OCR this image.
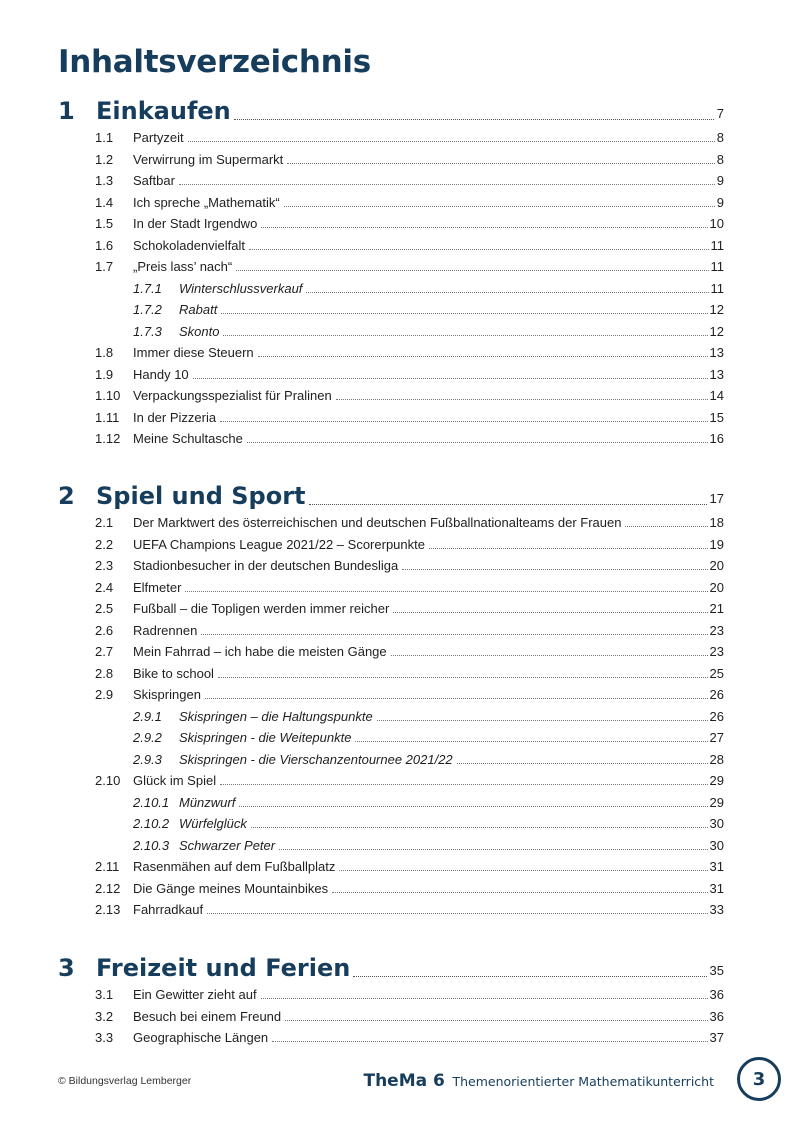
Inhaltsverzeichnis
1 Einkaufen	7
1.1	Partyzeit	8
1.2	Verwirrung im Supermarkt	8
1.3	Saftbar	9
1.4	Ich spreche „Mathematik“	9
1.5	In der Stadt Irgendwo	10
1.6	Schokoladenvielfalt	11
1.7	„Preis lass’ nach“	11
1.7.1	Winterschlussverkauf	11
1.7.2	Rabatt	12
1.7.3	Skonto	12
1.8	Immer diese Steuern	13
1.9	Handy 10	13
1.10 Verpackungsspezialist für Pralinen	14
1.11	In der Pizzeria	15
1.12 Meine Schultasche	16
2 Spiel und Sport	17
2.1	Der Marktwert des österreichischen und deutschen Fußballnationalteams der Frauen	18
2.2	UEFA Champions League 2021/22 – Scorerpunkte	19
2.3	Stadionbesucher in der deutschen Bundesliga	20
2.4	Elfmeter	20
2.5	Fußball – die Topligen werden immer reicher	21
2.6	Radrennen	23
2.7	Mein Fahrrad – ich habe die meisten Gänge	23
2.8	Bike to school	25
2.9	Skispringen	26
2.9.1	Skispringen – die Haltungspunkte	26
2.9.2	Skispringen - die Weitepunkte	27
2.9.3	Skispringen - die Vierschanzentournee 2021/22	28
2.10 Glück im Spiel	29
2.10.1 Münzwurf	29
2.10.2 Würfelglück	30
2.10.3 Schwarzer Peter	30
2.11	Rasenmähen auf dem Fußballplatz	31
2.12 Die Gänge meines Mountainbikes	31
2.13 Fahrradkauf	33
3 Freizeit und Ferien	35
3.1	Ein Gewitter zieht auf	36
3.2	Besuch bei einem Freund	36
3.3	Geographische Längen	37
© Bildungsverlag Lemberger	TheMa 6 Themenorientierter Mathematikunterricht	3
